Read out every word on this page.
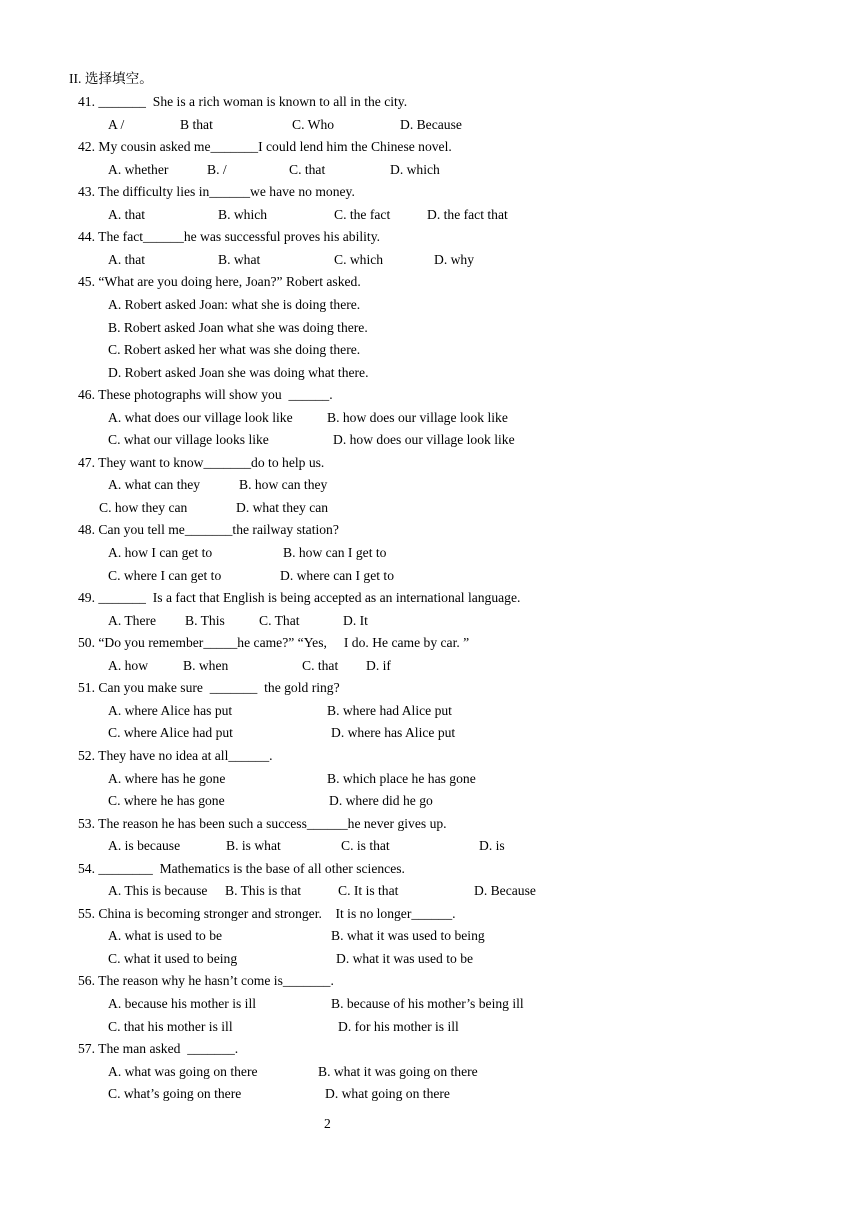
II. 选择填空。
41. _______  She is a rich woman is known to all in the city.
A /	B that	C. Who	D. Because
42. My cousin asked me_______I could lend him the Chinese novel.
A. whether	B. /	C. that	D. which
43. The difficulty lies in______we have no money.
A. that	B. which	C. the fact	D. the fact that
44. The fact______he was successful proves his ability.
A. that	B. what	C. which	D. why
45. “What are you doing here, Joan?” Robert asked.
A. Robert asked Joan: what she is doing there.
B. Robert asked Joan what she was doing there.
C. Robert asked her what was she doing there.
D. Robert asked Joan she was doing what there.
46. These photographs will show you  ______.
A. what does our village look like	B. how does our village look like
C. what our village looks like	D. how does our village look like
47. They want to know_______do to help us.
A. what can they	B. how can they
C. how they can	D. what they can
48. Can you tell me_______the railway station?
A. how I can get to	B. how can I get to
C. where I can get to	D. where can I get to
49. _______  Is a fact that English is being accepted as an international language.
A. There B. This	C. That	D. It
50. “Do you remember_____he came?” “Yes,     I do. He came by car. ”
A. how	B. when	C. that D. if
51. Can you make sure  _______  the gold ring?
A. where Alice has put	B. where had Alice put
C. where Alice had put	D. where has Alice put
52. They have no idea at all______.
A. where has he gone	B. which place he has gone
C. where he has gone	D. where did he go
53. The reason he has been such a success______he never gives up.
A. is because	B. is what	C. is that	D. is
54. ________  Mathematics is the base of all other sciences.
A. This is because B. This is that	C. It is that	D. Because
55. China is becoming stronger and stronger.    It is no longer______.
A. what is used to be	B. what it was used to being
C. what it used to being	D. what it was used to be
56. The reason why he hasn’t come is_______.
A. because his mother is ill	B. because of his mother’s being ill
C. that his mother is ill	D. for his mother is ill
57. The man asked  _______.
A. what was going on there	B. what it was going on there
C. what’s going on there	D. what going on there
2
